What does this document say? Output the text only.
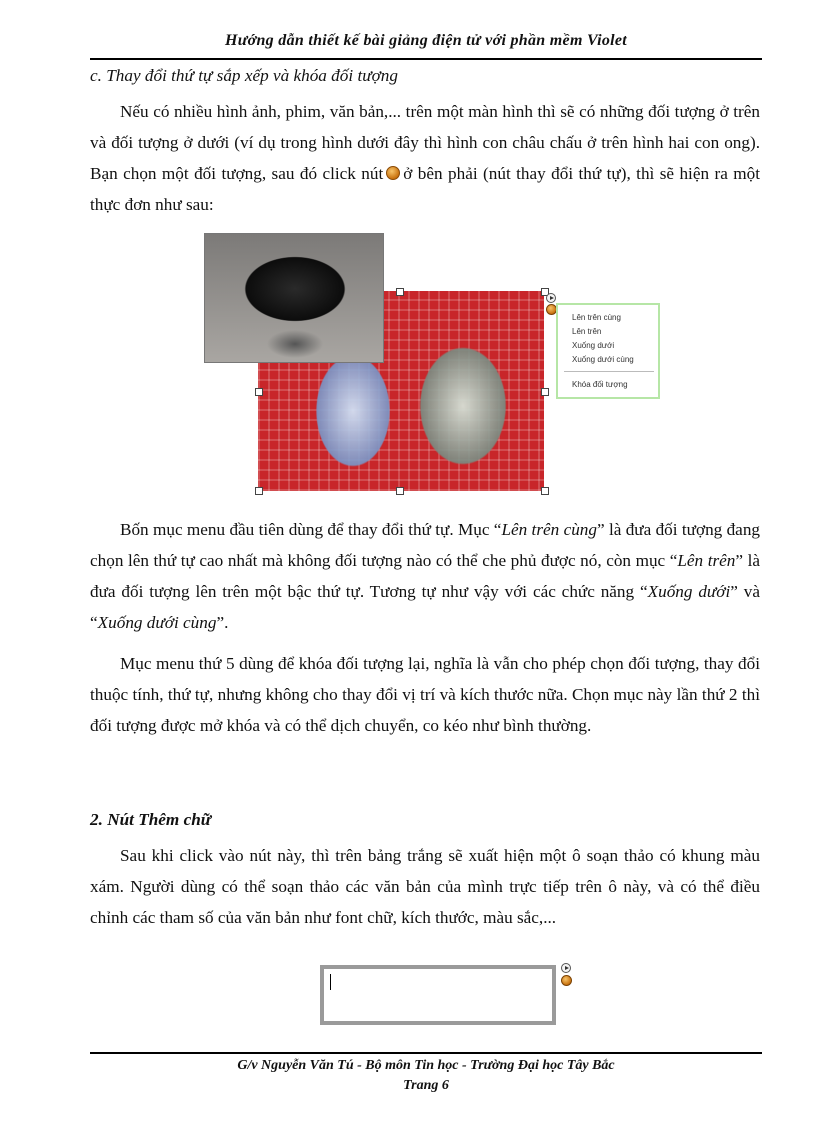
Hướng dẫn thiết kế bài giảng điện tử với phần mềm Violet
c. Thay đổi thứ tự sắp xếp và khóa đối tượng

Nếu có nhiều hình ảnh, phim, văn bản,... trên một màn hình thì sẽ có những đối tượng ở trên và đối tượng ở dưới (ví dụ trong hình dưới đây thì hình con châu chấu ở trên hình hai con ong). Bạn chọn một đối tượng, sau đó click nút ở bên phải (nút thay đổi thứ tự), thì sẽ hiện ra một thực đơn như sau:

Lên trên cùng
Lên trên
Xuống dưới
Xuống dưới cùng
Khóa đối tượng

Bốn mục menu đầu tiên dùng để thay đổi thứ tự. Mục “Lên trên cùng” là đưa đối tượng đang chọn lên thứ tự cao nhất mà không đối tượng nào có thể che phủ được nó, còn mục “Lên trên” là đưa đối tượng lên trên một bậc thứ tự. Tương tự như vậy với các chức năng “Xuống dưới” và “Xuống dưới cùng”.

Mục menu thứ 5 dùng để khóa đối tượng lại, nghĩa là vẫn cho phép chọn đối tượng, thay đổi thuộc tính, thứ tự, nhưng không cho thay đổi vị trí và kích thước nữa. Chọn mục này lần thứ 2 thì đối tượng được mở khóa và có thể dịch chuyển, co kéo như bình thường.

2. Nút Thêm chữ

Sau khi click vào nút này, thì trên bảng trắng sẽ xuất hiện một ô soạn thảo có khung màu xám. Người dùng có thể soạn thảo các văn bản của mình trực tiếp trên ô này, và có thể điều chỉnh các tham số của văn bản như font chữ, kích thước, màu sắc,...

G/v Nguyễn Văn Tú - Bộ môn Tin học - Trường Đại học Tây Bắc
Trang 6
